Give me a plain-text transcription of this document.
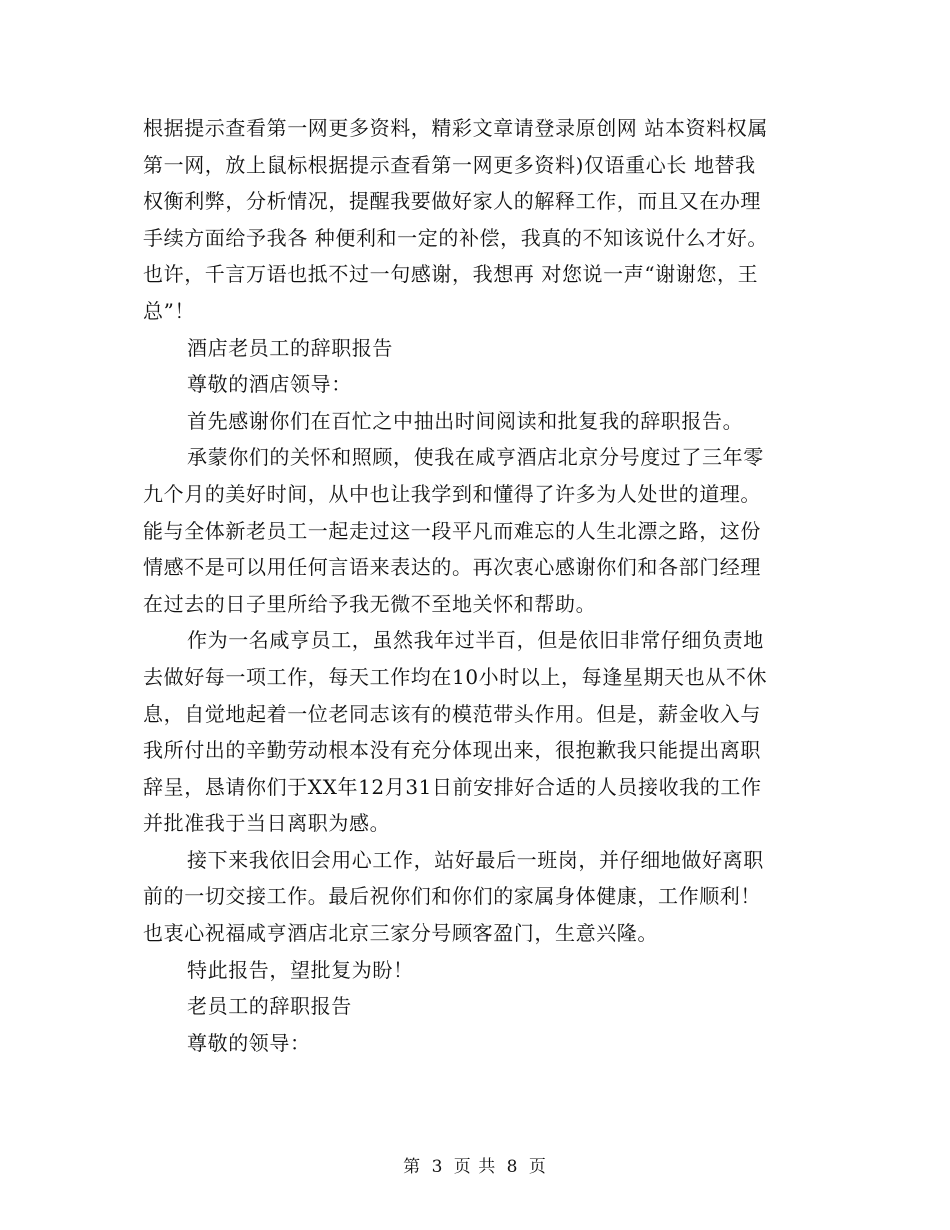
根据提示查看第一网更多资料，精彩文章请登录原创网 站本资料权属
第一网，放上鼠标根据提示查看第一网更多资料)仅语重心长 地替我
权衡利弊，分析情况，提醒我要做好家人的解释工作，而且又在办理
手续方面给予我各 种便利和一定的补偿，我真的不知该说什么才好。
也许，千言万语也抵不过一句感谢，我想再 对您说一声“谢谢您，王
总”！
酒店老员工的辞职报告
尊敬的酒店领导：
首先感谢你们在百忙之中抽出时间阅读和批复我的辞职报告。
承蒙你们的关怀和照顾，使我在咸亨酒店北京分号度过了三年零
九个月的美好时间，从中也让我学到和懂得了许多为人处世的道理。
能与全体新老员工一起走过这一段平凡而难忘的人生北漂之路，这份
情感不是可以用任何言语来表达的。再次衷心感谢你们和各部门经理
在过去的日子里所给予我无微不至地关怀和帮助。
作为一名咸亨员工，虽然我年过半百，但是依旧非常仔细负责地
去做好每一项工作，每天工作均在10小时以上，每逢星期天也从不休
息，自觉地起着一位老同志该有的模范带头作用。但是，薪金收入与
我所付出的辛勤劳动根本没有充分体现出来，很抱歉我只能提出离职
辞呈，恳请你们于XX年12月31日前安排好合适的人员接收我的工作
并批准我于当日离职为感。
接下来我依旧会用心工作，站好最后一班岗，并仔细地做好离职
前的一切交接工作。最后祝你们和你们的家属身体健康，工作顺利！
也衷心祝福咸亨酒店北京三家分号顾客盈门，生意兴隆。
特此报告，望批复为盼！
老员工的辞职报告
尊敬的领导：
第 3 页 共 8 页
